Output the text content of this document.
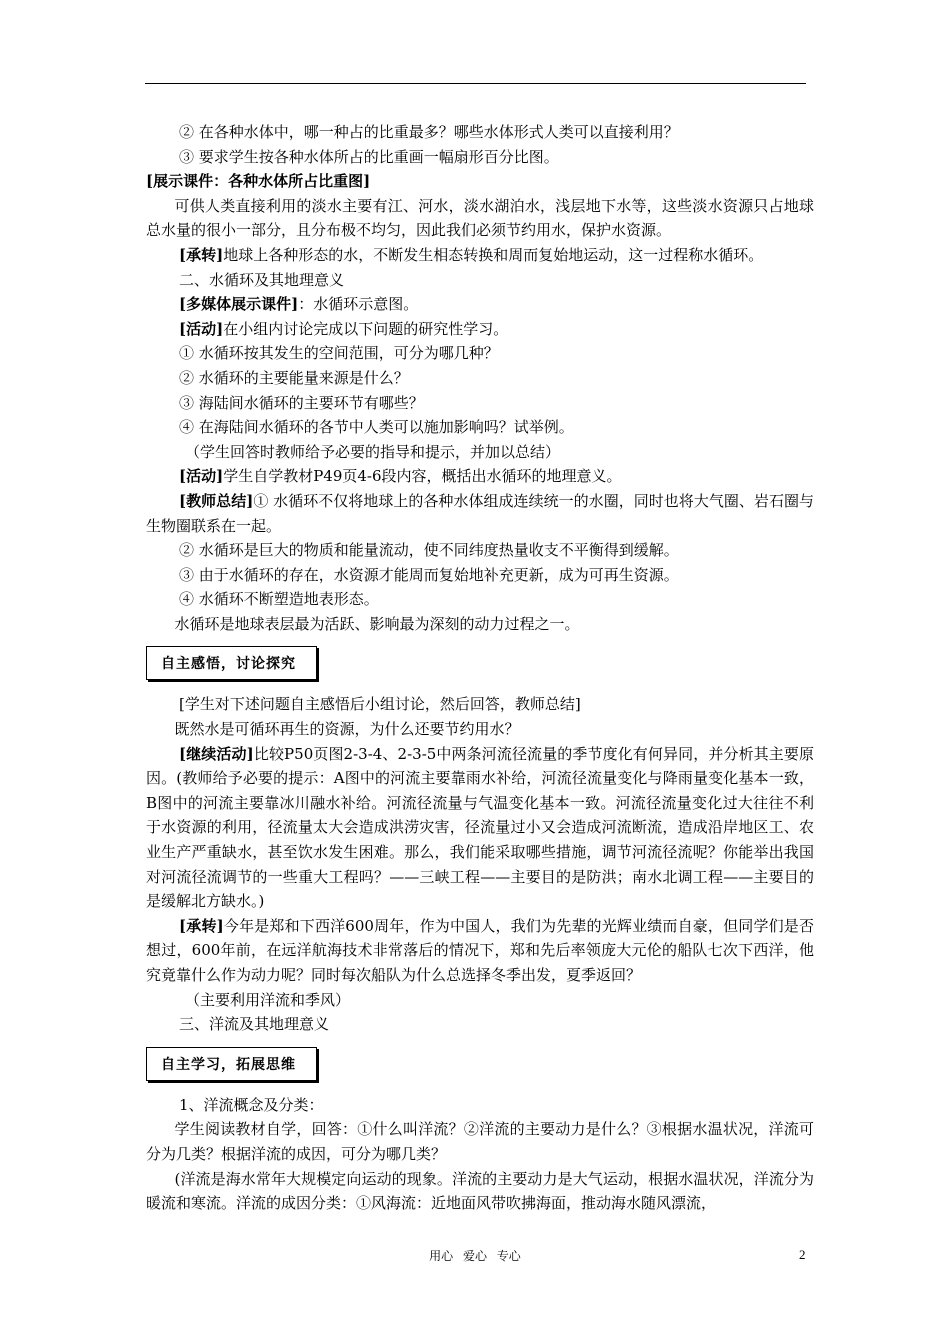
② 在各种水体中，哪一种占的比重最多？哪些水体形式人类可以直接利用？

③ 要求学生按各种水体所占的比重画一幅扇形百分比图。

[展示课件：各种水体所占比重图]

可供人类直接利用的淡水主要有江、河水，淡水湖泊水，浅层地下水等，这些淡水资源只占地球总水量的很小一部分，且分布极不均匀，因此我们必须节约用水，保护水资源。

[承转]地球上各种形态的水，不断发生相态转换和周而复始地运动，这一过程称水循环。

二、水循环及其地理意义

[多媒体展示课件]：水循环示意图。

[活动]在小组内讨论完成以下问题的研究性学习。

① 水循环按其发生的空间范围，可分为哪几种？

② 水循环的主要能量来源是什么？

③ 海陆间水循环的主要环节有哪些？

④ 在海陆间水循环的各节中人类可以施加影响吗？试举例。

（学生回答时教师给予必要的指导和提示，并加以总结）

[活动]学生自学教材P49页4-6段内容，概括出水循环的地理意义。

[教师总结]① 水循环不仅将地球上的各种水体组成连续统一的水圈，同时也将大气圈、岩石圈与生物圈联系在一起。

② 水循环是巨大的物质和能量流动，使不同纬度热量收支不平衡得到缓解。

③ 由于水循环的存在，水资源才能周而复始地补充更新，成为可再生资源。

④ 水循环不断塑造地表形态。

水循环是地球表层最为活跃、影响最为深刻的动力过程之一。

自主感悟，讨论探究

[学生对下述问题自主感悟后小组讨论，然后回答，教师总结]

既然水是可循环再生的资源，为什么还要节约用水？

[继续活动]比较P50页图2-3-4、2-3-5中两条河流径流量的季节度化有何异同，并分析其主要原因。(教师给予必要的提示：A图中的河流主要靠雨水补给，河流径流量变化与降雨量变化基本一致，B图中的河流主要靠冰川融水补给。河流径流量与气温变化基本一致。河流径流量变化过大往往不利于水资源的利用，径流量太大会造成洪涝灾害，径流量过小又会造成河流断流，造成沿岸地区工、农业生产严重缺水，甚至饮水发生困难。那么，我们能采取哪些措施，调节河流径流呢？你能举出我国对河流径流调节的一些重大工程吗？——三峡工程——主要目的是防洪；南水北调工程——主要目的是缓解北方缺水。)

[承转]今年是郑和下西洋600周年，作为中国人，我们为先辈的光辉业绩而自豪，但同学们是否想过，600年前，在远洋航海技术非常落后的情况下，郑和先后率领庞大元伦的船队七次下西洋，他究竟靠什么作为动力呢？同时每次船队为什么总选择冬季出发，夏季返回？

（主要利用洋流和季风）

三、洋流及其地理意义

自主学习，拓展思维

1、洋流概念及分类：

学生阅读教材自学，回答：①什么叫洋流？②洋流的主要动力是什么？③根据水温状况，洋流可分为几类？根据洋流的成因，可分为哪几类？

(洋流是海水常年大规模定向运动的现象。洋流的主要动力是大气运动，根据水温状况，洋流分为暖流和寒流。洋流的成因分类：①风海流：近地面风带吹拂海面，推动海水随风漂流，

用心 爱心 专心	2
